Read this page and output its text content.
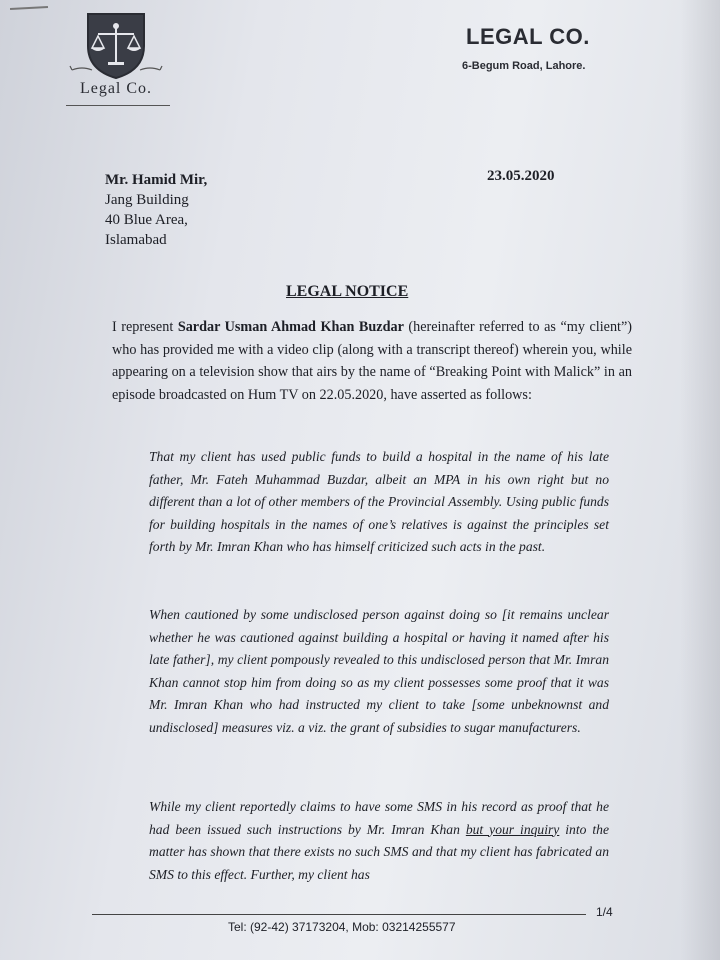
Legal Co.
LEGAL CO.
6-Begum Road, Lahore.
Mr. Hamid Mir,
Jang Building
40 Blue Area,
Islamabad
23.05.2020
LEGAL NOTICE
I represent Sardar Usman Ahmad Khan Buzdar (hereinafter referred to as “my client”) who has provided me with a video clip (along with a transcript thereof) wherein you, while appearing on a television show that airs by the name of “Breaking Point with Malick” in an episode broadcasted on Hum TV on 22.05.2020, have asserted as follows:
That my client has used public funds to build a hospital in the name of his late father, Mr. Fateh Muhammad Buzdar, albeit an MPA in his own right but no different than a lot of other members of the Provincial Assembly. Using public funds for building hospitals in the names of one’s relatives is against the principles set forth by Mr. Imran Khan who has himself criticized such acts in the past.
When cautioned by some undisclosed person against doing so [it remains unclear whether he was cautioned against building a hospital or having it named after his late father], my client pompously revealed to this undisclosed person that Mr. Imran Khan cannot stop him from doing so as my client possesses some proof that it was Mr. Imran Khan who had instructed my client to take [some unbeknownst and undisclosed] measures viz. a viz. the grant of subsidies to sugar manufacturers.
While my client reportedly claims to have some SMS in his record as proof that he had been issued such instructions by Mr. Imran Khan but your inquiry into the matter has shown that there exists no such SMS and that my client has fabricated an SMS to this effect. Further, my client has
1/4
Tel: (92-42) 37173204, Mob: 03214255577
